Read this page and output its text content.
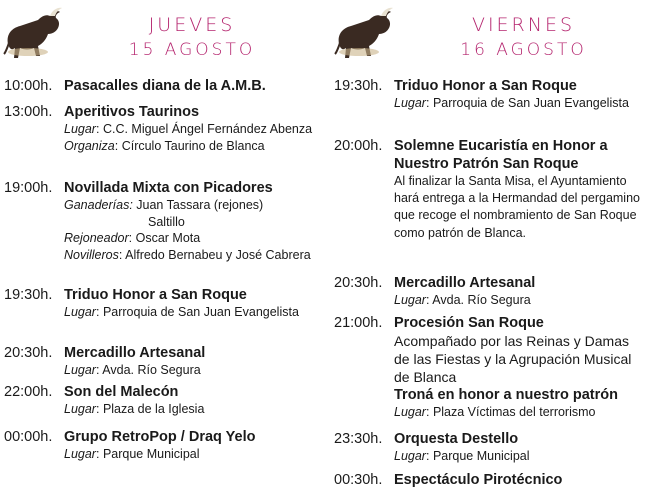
JUEVES
15 AGOSTO
10:00h. Pasacalles diana de la A.M.B.
13:00h. Aperitivos Taurinos
Lugar: C.C. Miguel Ángel Fernández Abenza
Organiza: Círculo Taurino de Blanca
19:00h. Novillada Mixta con Picadores
Ganaderías: Juan Tassara (rejones)
Saltillo
Rejoneador: Oscar Mota
Novilleros: Alfredo Bernabeu y José Cabrera
19:30h. Triduo Honor a San Roque
Lugar: Parroquia de San Juan Evangelista
20:30h. Mercadillo Artesanal
Lugar: Avda. Río Segura
22:00h. Son del Malecón
Lugar: Plaza de la Iglesia
00:00h. Grupo RetroPop / Draq Yelo
Lugar: Parque Municipal
VIERNES
16 AGOSTO
19:30h. Triduo Honor a San Roque
Lugar: Parroquia de San Juan Evangelista
20:00h. Solemne Eucaristía en Honor a Nuestro Patrón San Roque
Al finalizar la Santa Misa, el Ayuntamiento hará entrega a la Hermandad del pergamino que recoge el nombramiento de San Roque como patrón de Blanca.
20:30h. Mercadillo Artesanal
Lugar: Avda. Río Segura
21:00h. Procesión San Roque
Acompañado por las Reinas y Damas de las Fiestas y la Agrupación Musical de Blanca
Troná en honor a nuestro patrón
Lugar: Plaza Víctimas del terrorismo
23:30h. Orquesta Destello
Lugar: Parque Municipal
00:30h. Espectáculo Pirotécnico
